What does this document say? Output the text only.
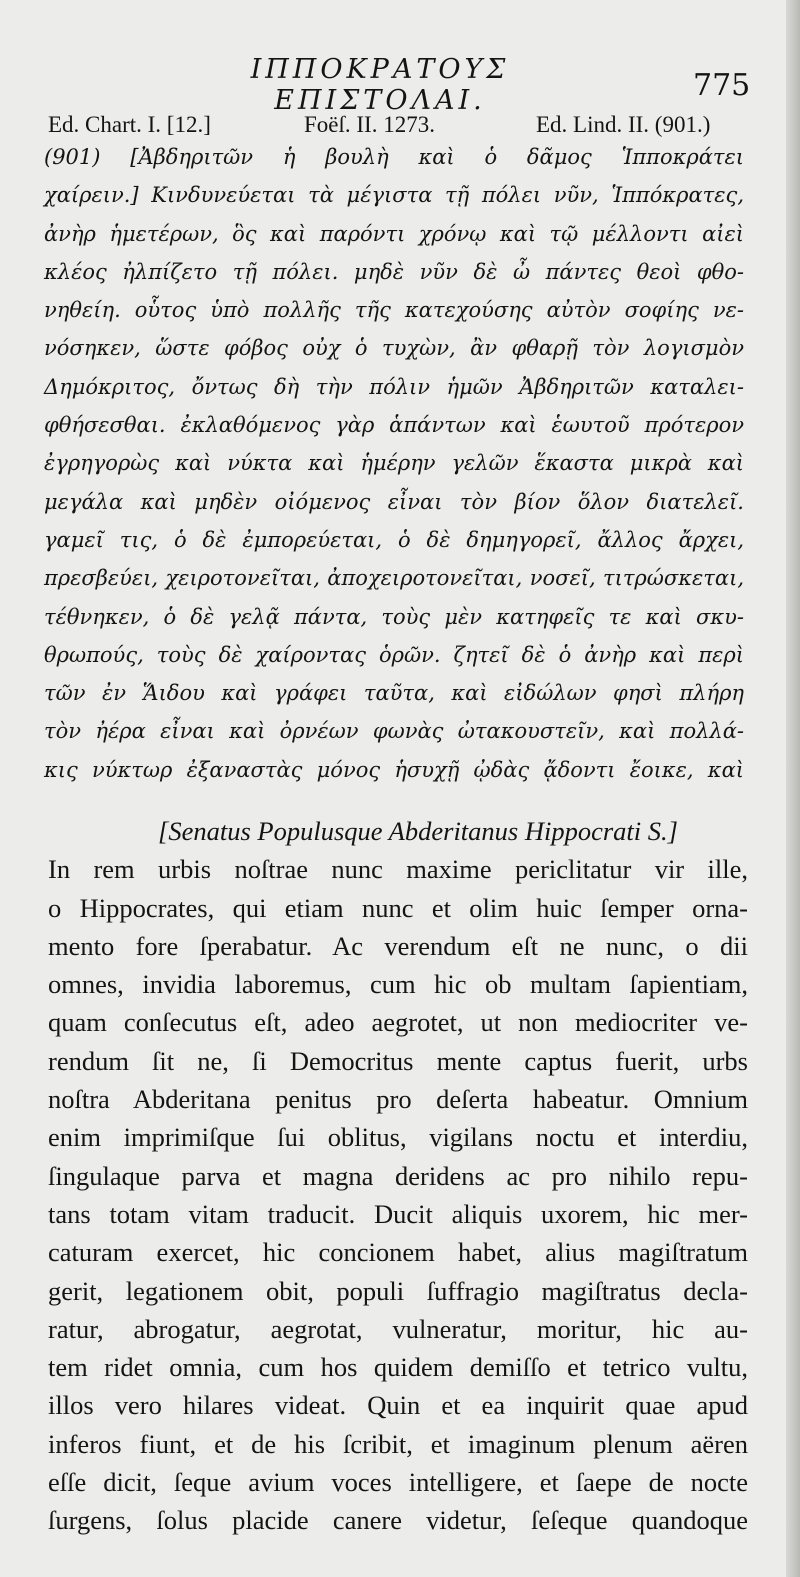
ΙΠΠΟΚΡΑΤΟΥΣ ΕΠΙΣΤΟΛΑΙ.	775
Ed. Chart. I. [12.]	Foëſ. II. 1273.	Ed. Lind. II. (901.)
(901) [Ἀβδηριτῶν ἡ βουλὴ καὶ ὁ δᾶμος Ἱπποκράτει
χαίρειν.] Κινδυνεύεται τὰ μέγιστα τῇ πόλει νῦν, Ἱππόκρατες,
ἀνὴρ ἡμετέρων, ὃς καὶ παρόντι χρόνῳ καὶ τῷ μέλλοντι αἰεὶ
κλέος ἠλπίζετο τῇ πόλει. μηδὲ νῦν δὲ ὦ πάντες θεοὶ φθο-
νηθείη. οὗτος ὑπὸ πολλῆς τῆς κατεχούσης αὐτὸν σοφίης νε-
νόσηκεν, ὥστε φόβος οὐχ ὁ τυχὼν, ἂν φθαρῇ τὸν λογισμὸν
Δημόκριτος, ὄντως δὴ τὴν πόλιν ἡμῶν Ἀβδηριτῶν καταλει-
φθήσεσθαι. ἐκλαθόμενος γὰρ ἁπάντων καὶ ἑωυτοῦ πρότερον
ἐγρηγορὼς καὶ νύκτα καὶ ἡμέρην γελῶν ἕκαστα μικρὰ καὶ
μεγάλα καὶ μηδὲν οἰόμενος εἶναι τὸν βίον ὅλον διατελεῖ.
γαμεῖ τις, ὁ δὲ ἐμπορεύεται, ὁ δὲ δημηγορεῖ, ἄλλος ἄρχει,
πρεσβεύει, χειροτονεῖται, ἀποχειροτονεῖται, νοσεῖ, τιτρώσκεται,
τέθνηκεν, ὁ δὲ γελᾷ πάντα, τοὺς μὲν κατηφεῖς τε καὶ σκυ-
θρωπούς, τοὺς δὲ χαίροντας ὁρῶν. ζητεῖ δὲ ὁ ἀνὴρ καὶ περὶ
τῶν ἐν Ἅιδου καὶ γράφει ταῦτα, καὶ εἰδώλων φησὶ πλήρη
τὸν ἠέρα εἶναι καὶ ὀρνέων φωνὰς ὠτακουστεῖν, καὶ πολλά-
κις νύκτωρ ἐξαναστὰς μόνος ἡσυχῇ ᾠδὰς ᾄδοντι ἔοικε, καὶ
[Senatus Populusque Abderitanus Hippocrati S.]
In rem urbis noſtrae nunc maxime periclitatur vir ille,
o Hippocrates, qui etiam nunc et olim huic ſemper orna-
mento fore ſperabatur. Ac verendum eſt ne nunc, o dii
omnes, invidia laboremus, cum hic ob multam ſapientiam,
quam conſecutus eſt, adeo aegrotet, ut non mediocriter ve-
rendum ſit ne, ſi Democritus mente captus fuerit, urbs
noſtra Abderitana penitus pro deſerta habeatur. Omnium
enim imprimiſque ſui oblitus, vigilans noctu et interdiu,
ſingulaque parva et magna deridens ac pro nihilo repu-
tans totam vitam traducit. Ducit aliquis uxorem, hic mer-
caturam exercet, hic concionem habet, alius magiſtratum
gerit, legationem obit, populi ſuffragio magiſtratus decla-
ratur, abrogatur, aegrotat, vulneratur, moritur, hic au-
tem ridet omnia, cum hos quidem demiſſo et tetrico vultu,
illos vero hilares videat. Quin et ea inquirit quae apud
inferos fiunt, et de his ſcribit, et imaginum plenum aëren
eſſe dicit, ſeque avium voces intelligere, et ſaepe de nocte
ſurgens, ſolus placide canere videtur, ſeſeque quandoque
